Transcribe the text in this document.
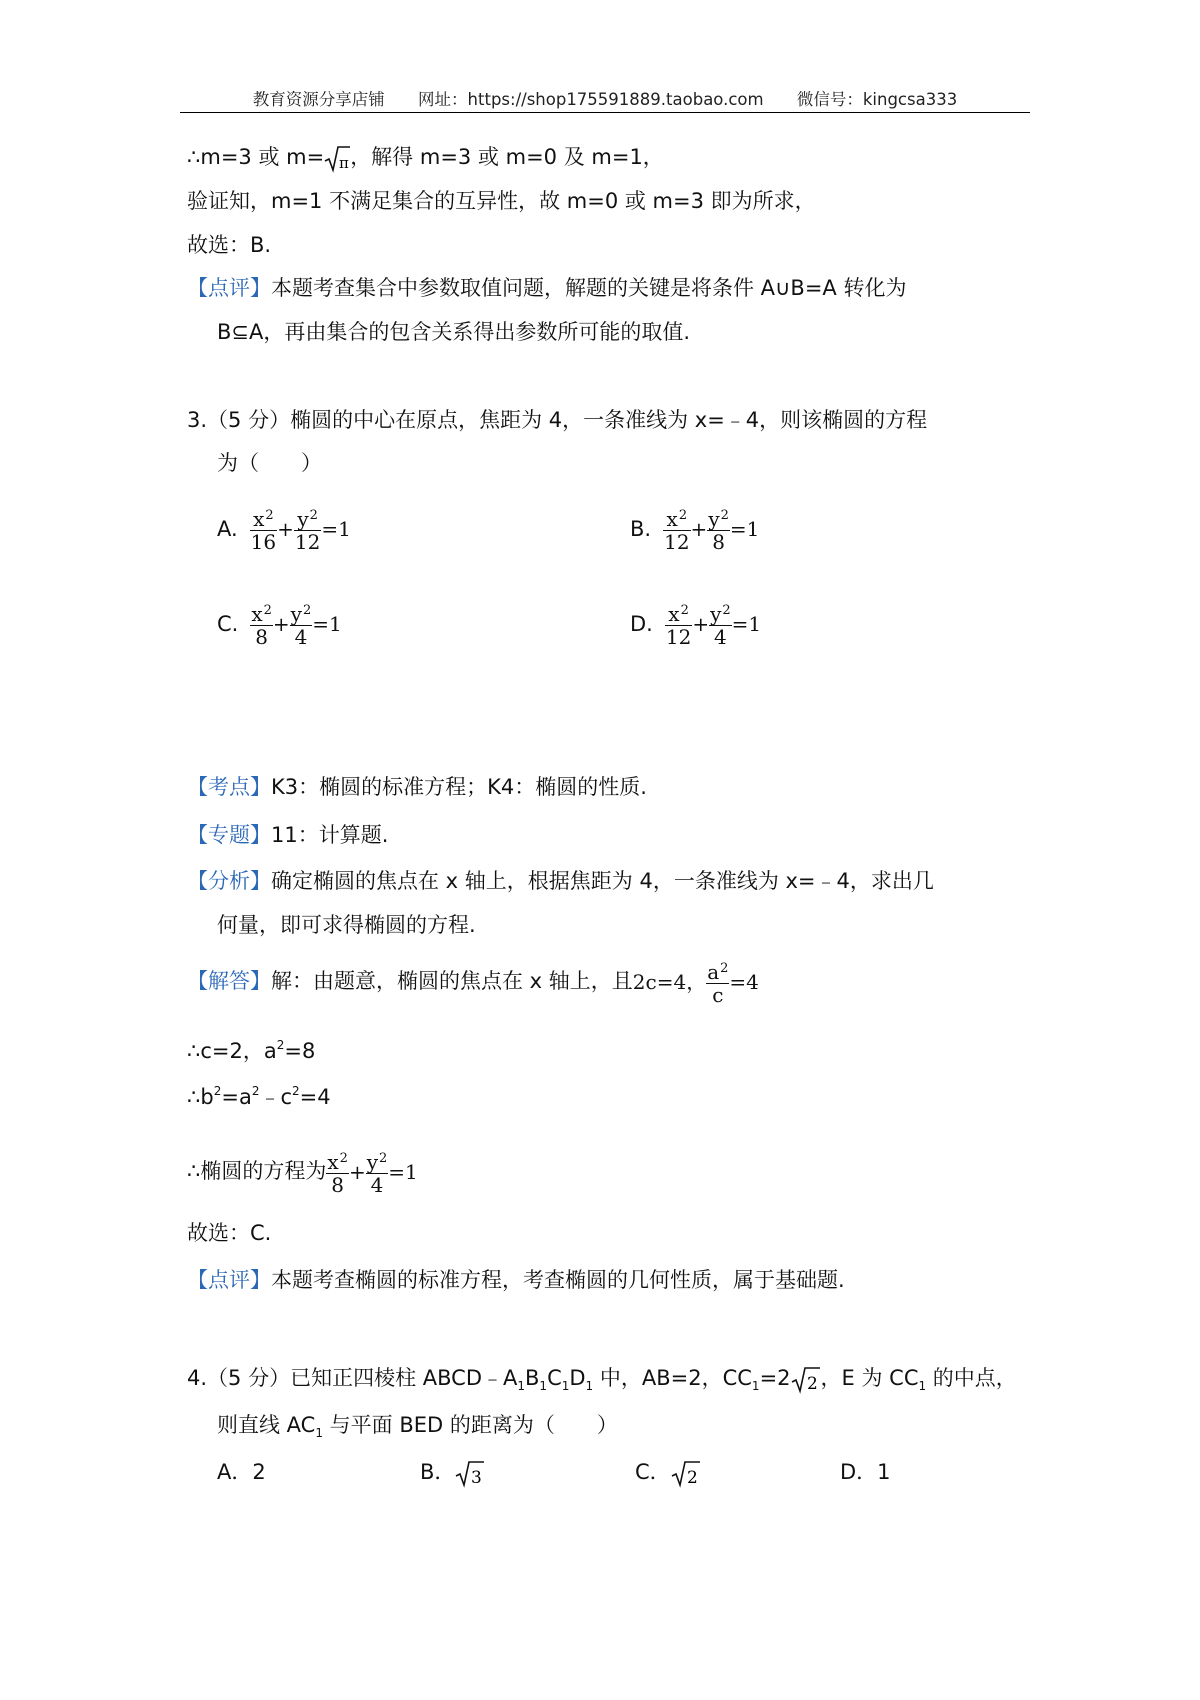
教育资源分享店铺 网址：https://shop175591889.taobao.com 微信号：kingcsa333
∴m=3 或 m= π ，解得 m=3 或 m=0 及 m=1，
验证知，m=1 不满足集合的互异性，故 m=0 或 m=3 即为所求，
故选：B.
【点评】本题考查集合中参数取值问题，解题的关键是将条件 A∪B=A 转化为
B⊆A，再由集合的包含关系得出参数所可能的取值.
3.（5 分）椭圆的中心在原点，焦距为 4，一条准线为 x=﹣4，则该椭圆的方程
为（　　）
A. $\frac{x^2}{16} + \frac{y^2}{12} =1$	B. $\frac{x^2}{12} + \frac{y^2}{8} =1$
C. $\frac{x^2}{8} + \frac{y^2}{4} =1$	D. $\frac{x^2}{12} + \frac{y^2}{4} =1$
【考点】K3：椭圆的标准方程；K4：椭圆的性质.
【专题】11：计算题.
【分析】确定椭圆的焦点在 x 轴上，根据焦距为 4，一条准线为 x=﹣4，求出几
何量，即可求得椭圆的方程.
【解答】解：由题意，椭圆的焦点在 x 轴上，且2c=4， $\frac{a^2}{c} =4$
∴c=2，$a^2=8$
$\therefore b^2=a^2﹣c^2=4$
∴椭圆的方程为 $\frac{x^2}{8} + \frac{y^2}{4} =1$
故选：C.
【点评】本题考查椭圆的标准方程，考查椭圆的几何性质，属于基础题.
4.（5 分）已知正四棱柱 $ABCD﹣A_1B_1C_1D_1$ 中，AB=2，$CC_1=2$ 2 ，E 为 $CC_1$ 的中点，
则直线 $AC_1$ 与平面 BED 的距离为（　　）
A．2	B． 3	C． 2	D．1
